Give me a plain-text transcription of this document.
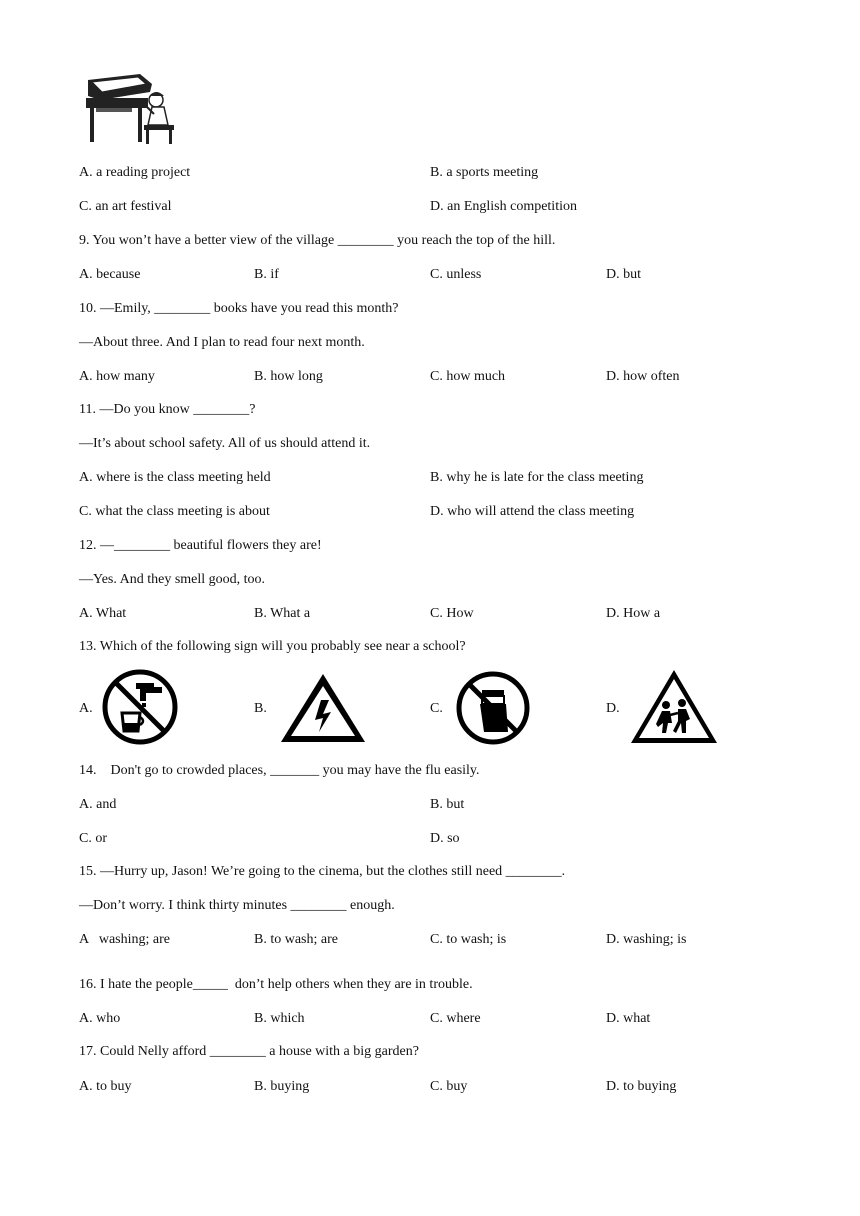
A. a reading project	B. a sports meeting
C. an art festival	D. an English competition
9. You won’t have a better view of the village ________ you reach the top of the hill.
A. because	B. if	C. unless	D. but
10. —Emily, ________ books have you read this month?
—About three. And I plan to read four next month.
A. how many	B. how long	C. how much	D. how often
11. —Do you know ________?
—It’s about school safety. All of us should attend it.
A. where is the class meeting held	B. why he is late for the class meeting
C. what the class meeting is about	D. who will attend the class meeting
12. —________ beautiful flowers they are!
—Yes. And they smell good, too.
A. What	B. What a	C. How	D. How a
13. Which of the following sign will you probably see near a school?
A.	B.	C.	D.
14.    Don't go to crowded places, _______ you may have the flu easily.
A. and	B. but
C. or	D. so
15. —Hurry up, Jason! We’re going to the cinema, but the clothes still need ________.
—Don’t worry. I think thirty minutes ________ enough.
A   washing; are	B. to wash; are	C. to wash; is	D. washing; is
16. I hate the people_____  don’t help others when they are in trouble.
A. who	B. which	C. where	D. what
17. Could Nelly afford ________ a house with a big garden?
A. to buy	B. buying	C. buy	D. to buying
